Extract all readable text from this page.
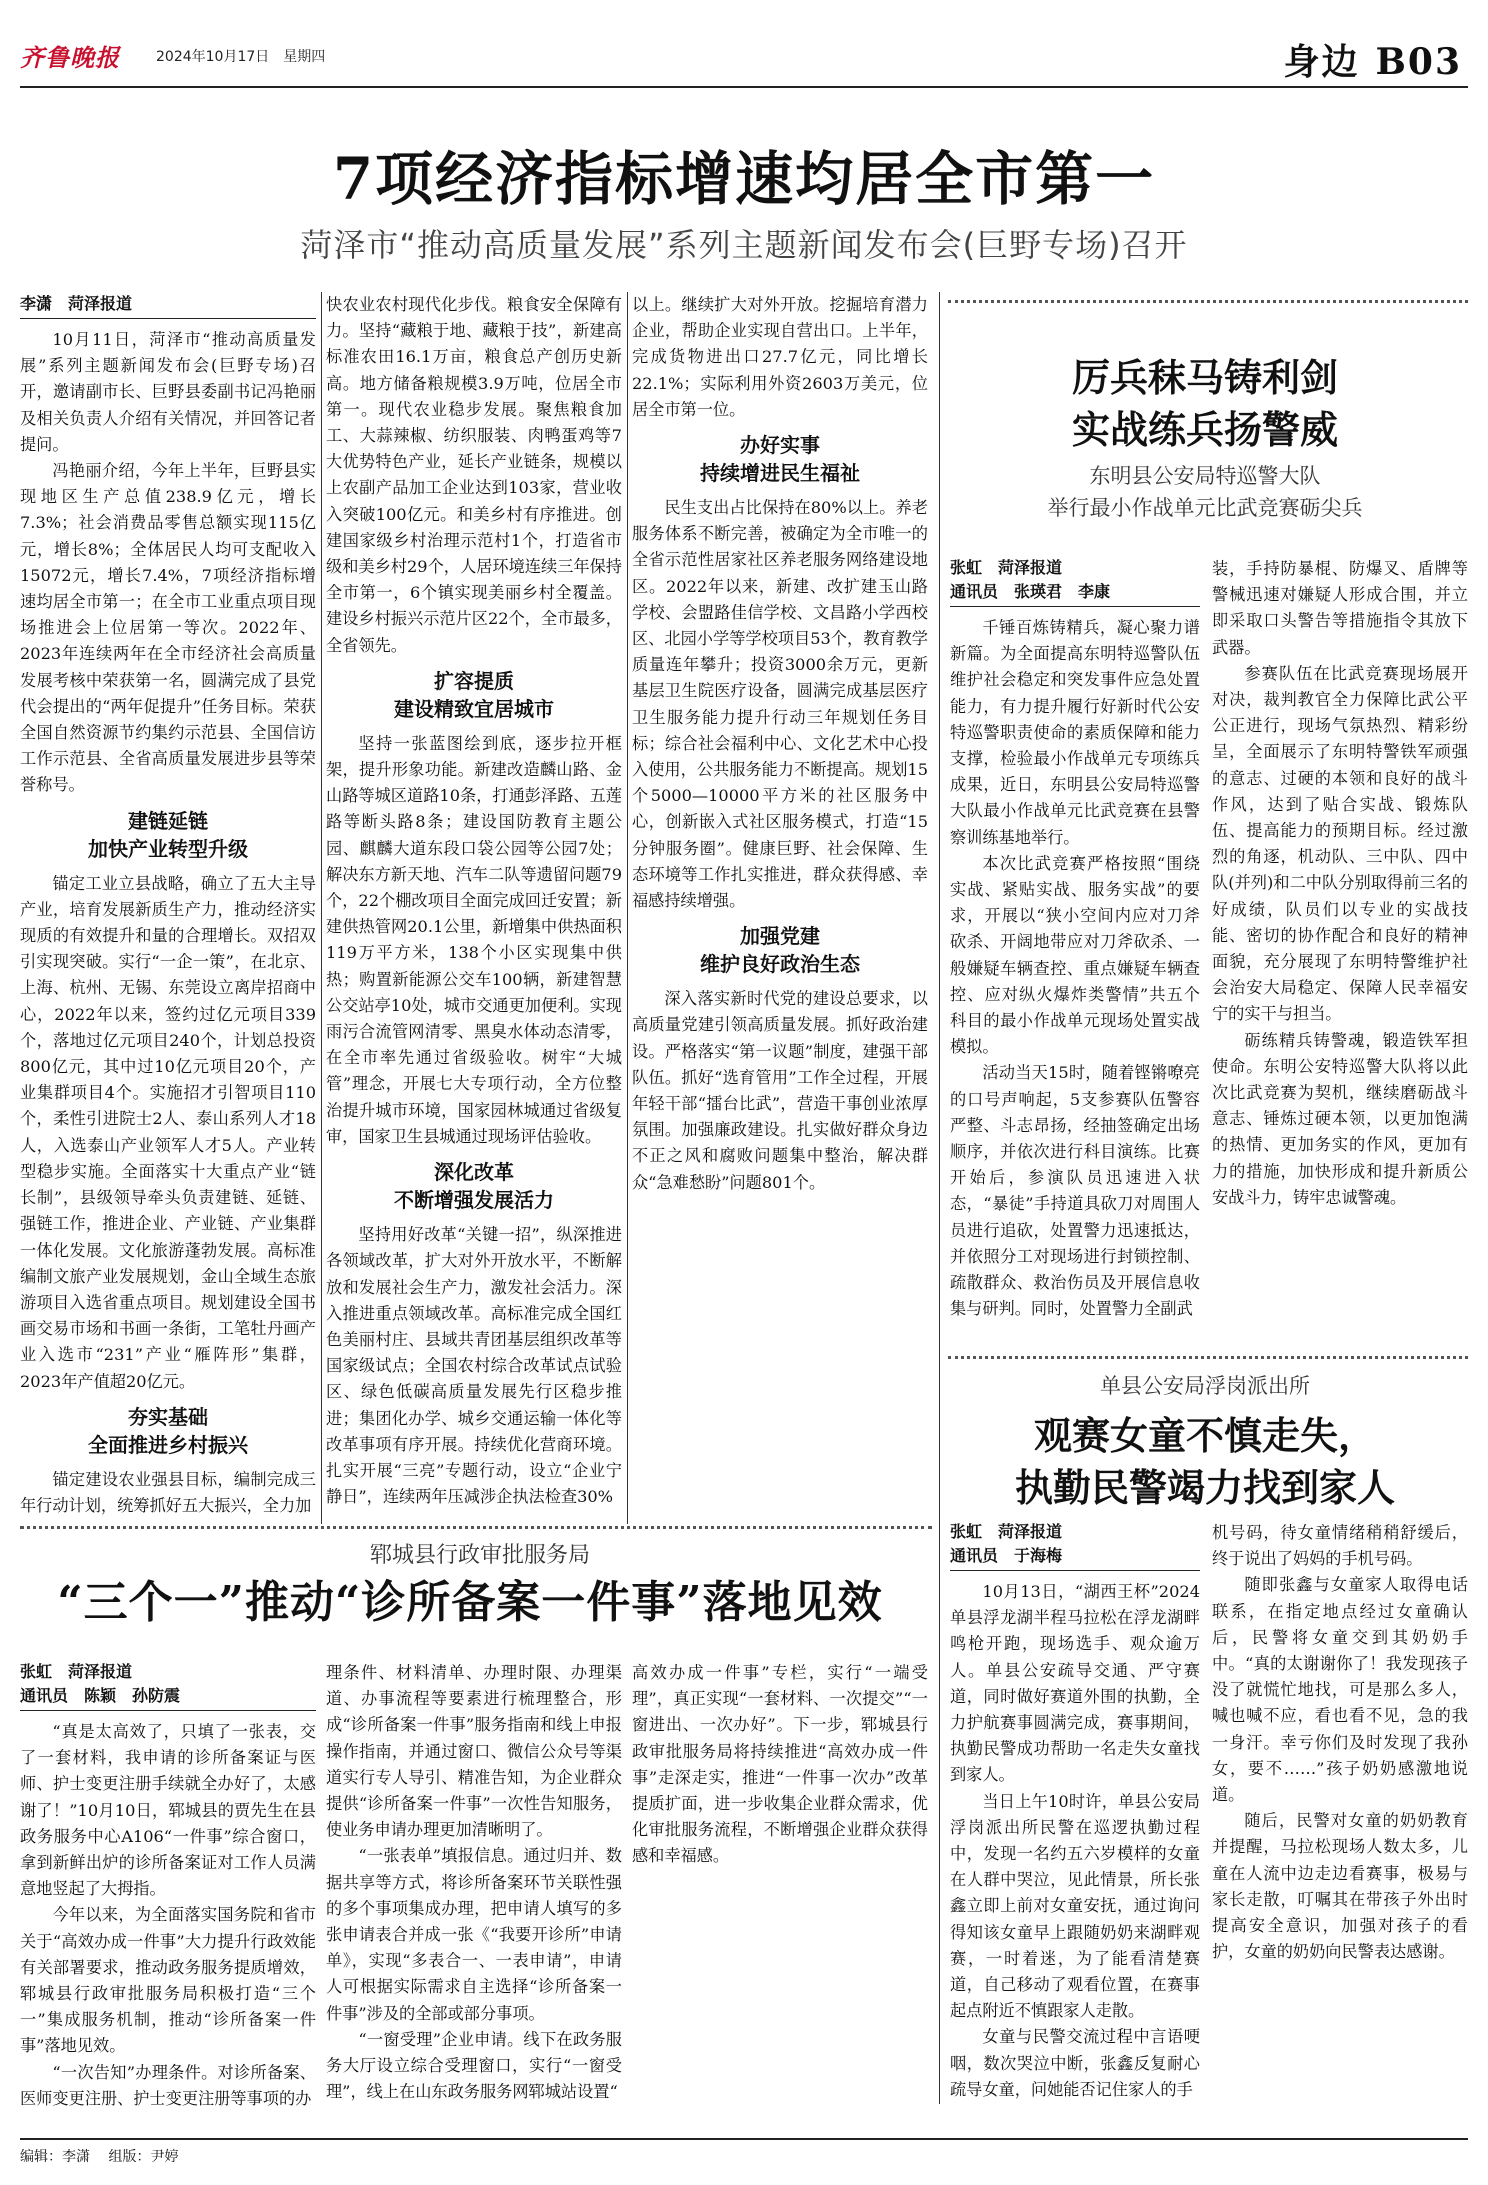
齐鲁晚报	2024年10月17日　星期四	身边 B03
7项经济指标增速均居全市第一
菏泽市“推动高质量发展”系列主题新闻发布会(巨野专场)召开
李潇　菏泽报道

10月11日，菏泽市“推动高质量发展”系列主题新闻发布会(巨野专场)召开，邀请副市长、巨野县委副书记冯艳丽及相关负责人介绍有关情况，并回答记者提问。

冯艳丽介绍，今年上半年，巨野县实现地区生产总值238.9亿元，增长7.3%；社会消费品零售总额实现115亿元，增长8%；全体居民人均可支配收入15072元，增长7.4%，7项经济指标增速均居全市第一；在全市工业重点项目现场推进会上位居第一等次。2022年、2023年连续两年在全市经济社会高质量发展考核中荣获第一名，圆满完成了县党代会提出的“两年促提升”任务目标。荣获全国自然资源节约集约示范县、全国信访工作示范县、全省高质量发展进步县等荣誉称号。

建链延链
加快产业转型升级

锚定工业立县战略，确立了五大主导产业，培育发展新质生产力，推动经济实现质的有效提升和量的合理增长。双招双引实现突破。实行“一企一策”，在北京、上海、杭州、无锡、东莞设立离岸招商中心，2022年以来，签约过亿元项目339个，落地过亿元项目240个，计划总投资800亿元，其中过10亿元项目20个，产业集群项目4个。实施招才引智项目110个，柔性引进院士2人、泰山系列人才18人，入选泰山产业领军人才5人。产业转型稳步实施。全面落实十大重点产业“链长制”，县级领导牵头负责建链、延链、强链工作，推进企业、产业链、产业集群一体化发展。文化旅游蓬勃发展。高标准编制文旅产业发展规划，金山全域生态旅游项目入选省重点项目。规划建设全国书画交易市场和书画一条街，工笔牡丹画产业入选市“231”产业“雁阵形”集群，2023年产值超20亿元。

夯实基础
全面推进乡村振兴

锚定建设农业强县目标，编制完成三年行动计划，统筹抓好五大振兴，全力加

快农业农村现代化步伐。粮食安全保障有力。坚持“藏粮于地、藏粮于技”，新建高标准农田16.1万亩，粮食总产创历史新高。地方储备粮规模3.9万吨，位居全市第一。现代农业稳步发展。聚焦粮食加工、大蒜辣椒、纺织服装、肉鸭蛋鸡等7大优势特色产业，延长产业链条，规模以上农副产品加工企业达到103家，营业收入突破100亿元。和美乡村有序推进。创建国家级乡村治理示范村1个，打造省市级和美乡村29个，人居环境连续三年保持全市第一，6个镇实现美丽乡村全覆盖。建设乡村振兴示范片区22个，全市最多，全省领先。

扩容提质
建设精致宜居城市

坚持一张蓝图绘到底，逐步拉开框架，提升形象功能。新建改造麟山路、金山路等城区道路10条，打通彭泽路、五莲路等断头路8条；建设国防教育主题公园、麒麟大道东段口袋公园等公园7处；解决东方新天地、汽车二队等遗留问题79个，22个棚改项目全面完成回迁安置；新建供热管网20.1公里，新增集中供热面积119万平方米，138个小区实现集中供热；购置新能源公交车100辆，新建智慧公交站亭10处，城市交通更加便利。实现雨污合流管网清零、黑臭水体动态清零，在全市率先通过省级验收。树牢“大城管”理念，开展七大专项行动，全方位整治提升城市环境，国家园林城通过省级复审，国家卫生县城通过现场评估验收。

深化改革
不断增强发展活力

坚持用好改革“关键一招”，纵深推进各领域改革，扩大对外开放水平，不断解放和发展社会生产力，激发社会活力。深入推进重点领域改革。高标准完成全国红色美丽村庄、县域共青团基层组织改革等国家级试点；全国农村综合改革试点试验区、绿色低碳高质量发展先行区稳步推进；集团化办学、城乡交通运输一体化等改革事项有序开展。持续优化营商环境。扎实开展“三亮”专题行动，设立“企业宁静日”，连续两年压减涉企执法检查30%

以上。继续扩大对外开放。挖掘培育潜力企业，帮助企业实现自营出口。上半年，完成货物进出口27.7亿元，同比增长22.1%；实际利用外资2603万美元，位居全市第一位。

办好实事
持续增进民生福祉

民生支出占比保持在80%以上。养老服务体系不断完善，被确定为全市唯一的全省示范性居家社区养老服务网络建设地区。2022年以来，新建、改扩建玉山路学校、会盟路佳信学校、文昌路小学西校区、北园小学等学校项目53个，教育教学质量连年攀升；投资3000余万元，更新基层卫生院医疗设备，圆满完成基层医疗卫生服务能力提升行动三年规划任务目标；综合社会福利中心、文化艺术中心投入使用，公共服务能力不断提高。规划15个5000—10000平方米的社区服务中心，创新嵌入式社区服务模式，打造“15分钟服务圈”。健康巨野、社会保障、生态环境等工作扎实推进，群众获得感、幸福感持续增强。

加强党建
维护良好政治生态

深入落实新时代党的建设总要求，以高质量党建引领高质量发展。抓好政治建设。严格落实“第一议题”制度，建强干部队伍。抓好“选育管用”工作全过程，开展年轻干部“擂台比武”，营造干事创业浓厚氛围。加强廉政建设。扎实做好群众身边不正之风和腐败问题集中整治，解决群众“急难愁盼”问题801个。

厉兵秣马铸利剑
实战练兵扬警威
东明县公安局特巡警大队
举行最小作战单元比武竞赛砺尖兵
张虹　菏泽报道
通讯员　张瑛君　李康

千锤百炼铸精兵，凝心聚力谱新篇。为全面提高东明特巡警队伍维护社会稳定和突发事件应急处置能力，有力提升履行好新时代公安特巡警职责使命的素质保障和能力支撑，检验最小作战单元专项练兵成果，近日，东明县公安局特巡警大队最小作战单元比武竞赛在县警察训练基地举行。

本次比武竞赛严格按照“围绕实战、紧贴实战、服务实战”的要求，开展以“狭小空间内应对刀斧砍杀、开阔地带应对刀斧砍杀、一般嫌疑车辆查控、重点嫌疑车辆查控、应对纵火爆炸类警情”共五个科目的最小作战单元现场处置实战模拟。

活动当天15时，随着铿锵嘹亮的口号声响起，5支参赛队伍警容严整、斗志昂扬，经抽签确定出场顺序，并依次进行科目演练。比赛开始后，参演队员迅速进入状态，“暴徒”手持道具砍刀对周围人员进行追砍，处置警力迅速抵达，并依照分工对现场进行封锁控制、疏散群众、救治伤员及开展信息收集与研判。同时，处置警力全副武

装，手持防暴棍、防爆叉、盾牌等警械迅速对嫌疑人形成合围，并立即采取口头警告等措施指令其放下武器。

参赛队伍在比武竞赛现场展开对决，裁判教官全力保障比武公平公正进行，现场气氛热烈、精彩纷呈，全面展示了东明特警铁军顽强的意志、过硬的本领和良好的战斗作风，达到了贴合实战、锻炼队伍、提高能力的预期目标。经过激烈的角逐，机动队、三中队、四中队(并列)和二中队分别取得前三名的好成绩，队员们以专业的实战技能、密切的协作配合和良好的精神面貌，充分展现了东明特警维护社会治安大局稳定、保障人民幸福安宁的实干与担当。

砺练精兵铸警魂，锻造铁军担使命。东明公安特巡警大队将以此次比武竞赛为契机，继续磨砺战斗意志、锤炼过硬本领，以更加饱满的热情、更加务实的作风，更加有力的措施，加快形成和提升新质公安战斗力，铸牢忠诚警魂。

单县公安局浮岗派出所
观赛女童不慎走失，
执勤民警竭力找到家人
张虹　菏泽报道
通讯员　于海梅

10月13日，“湖西王杯”2024单县浮龙湖半程马拉松在浮龙湖畔鸣枪开跑，现场选手、观众逾万人。单县公安疏导交通、严守赛道，同时做好赛道外围的执勤，全力护航赛事圆满完成，赛事期间，执勤民警成功帮助一名走失女童找到家人。

当日上午10时许，单县公安局浮岗派出所民警在巡逻执勤过程中，发现一名约五六岁模样的女童在人群中哭泣，见此情景，所长张鑫立即上前对女童安抚，通过询问得知该女童早上跟随奶奶来湖畔观赛，一时着迷，为了能看清楚赛道，自己移动了观看位置，在赛事起点附近不慎跟家人走散。

女童与民警交流过程中言语哽咽，数次哭泣中断，张鑫反复耐心疏导女童，问她能否记住家人的手

机号码，待女童情绪稍稍舒缓后，终于说出了妈妈的手机号码。

随即张鑫与女童家人取得电话联系，在指定地点经过女童确认后，民警将女童交到其奶奶手中。“真的太谢谢你了！我发现孩子没了就慌忙地找，可是那么多人，喊也喊不应，看也看不见，急的我一身汗。幸亏你们及时发现了我孙女，要不……”孩子奶奶感激地说道。

随后，民警对女童的奶奶教育并提醒，马拉松现场人数太多，儿童在人流中边走边看赛事，极易与家长走散，叮嘱其在带孩子外出时提高安全意识，加强对孩子的看护，女童的奶奶向民警表达感谢。

郓城县行政审批服务局
“三个一”推动“诊所备案一件事”落地见效
张虹　菏泽报道
通讯员　陈颖　孙防震

“真是太高效了，只填了一张表，交了一套材料，我申请的诊所备案证与医师、护士变更注册手续就全办好了，太感谢了！”10月10日，郓城县的贾先生在县政务服务中心A106“一件事”综合窗口，拿到新鲜出炉的诊所备案证对工作人员满意地竖起了大拇指。

今年以来，为全面落实国务院和省市关于“高效办成一件事”大力提升行政效能有关部署要求，推动政务服务提质增效，郓城县行政审批服务局积极打造“三个一”集成服务机制，推动“诊所备案一件事”落地见效。

“一次告知”办理条件。对诊所备案、医师变更注册、护士变更注册等事项的办

理条件、材料清单、办理时限、办理渠道、办事流程等要素进行梳理整合，形成“诊所备案一件事”服务指南和线上申报操作指南，并通过窗口、微信公众号等渠道实行专人导引、精准告知，为企业群众提供“诊所备案一件事”一次性告知服务，使业务申请办理更加清晰明了。

“一张表单”填报信息。通过归并、数据共享等方式，将诊所备案环节关联性强的多个事项集成办理，把申请人填写的多张申请表合并成一张《“我要开诊所”申请单》，实现“多表合一、一表申请”，申请人可根据实际需求自主选择“诊所备案一件事”涉及的全部或部分事项。

“一窗受理”企业申请。线下在政务服务大厅设立综合受理窗口，实行“一窗受理”，线上在山东政务服务网郓城站设置“

高效办成一件事”专栏，实行“一端受理”，真正实现“一套材料、一次提交”“一窗进出、一次办好”。下一步，郓城县行政审批服务局将持续推进“高效办成一件事”走深走实，推进“一件事一次办”改革提质扩面，进一步收集企业群众需求，优化审批服务流程，不断增强企业群众获得感和幸福感。

编辑：李潇 组版：尹婷
